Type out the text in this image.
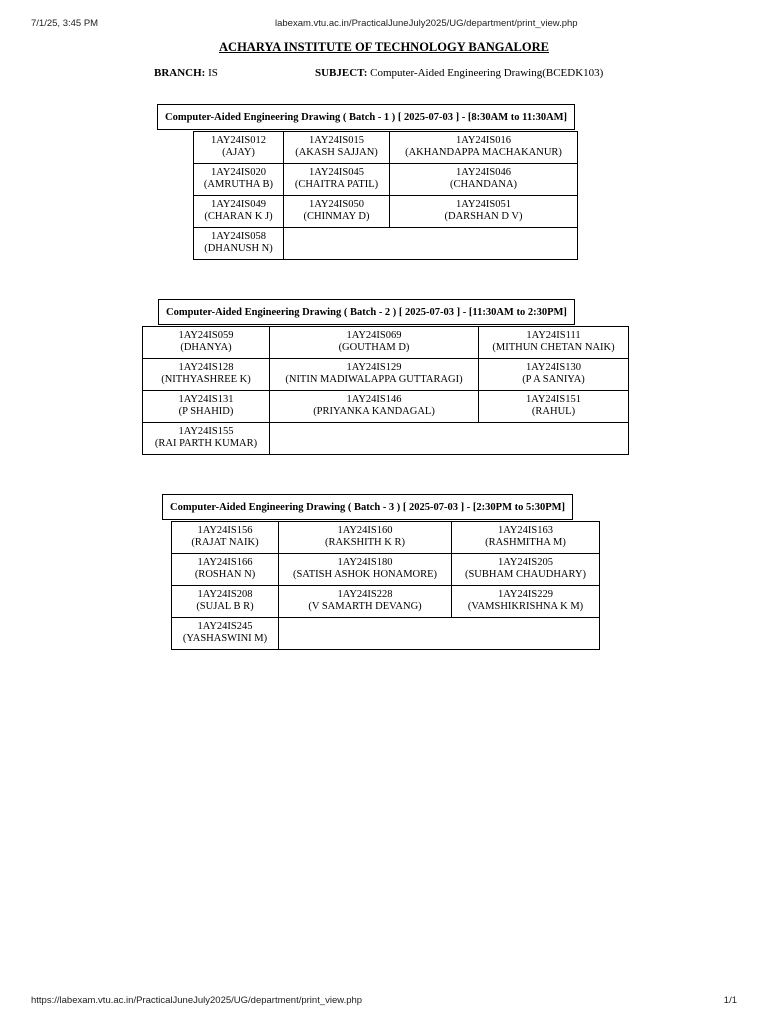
7/1/25, 3:45 PM	labexam.vtu.ac.in/PracticalJuneJuly2025/UG/department/print_view.php
ACHARYA INSTITUTE OF TECHNOLOGY BANGALORE
BRANCH: IS	SUBJECT: Computer-Aided Engineering Drawing(BCEDK103)
Computer-Aided Engineering Drawing ( Batch - 1 ) [ 2025-07-03 ] - [8:30AM to 11:30AM]
1AY24IS012
(AJAY)	1AY24IS015
(AKASH SAJJAN)	1AY24IS016
(AKHANDAPPA MACHAKANUR)

1AY24IS020
(AMRUTHA B)	1AY24IS045
(CHAITRA PATIL)	1AY24IS046
(CHANDANA)

1AY24IS049
(CHARAN K J)	1AY24IS050
(CHINMAY D)	1AY24IS051
(DARSHAN D V)

1AY24IS058
(DHANUSH N)		

Computer-Aided Engineering Drawing ( Batch - 2 ) [ 2025-07-03 ] - [11:30AM to 2:30PM]
1AY24IS059
(DHANYA)	1AY24IS069
(GOUTHAM D)	1AY24IS111
(MITHUN CHETAN NAIK)

1AY24IS128
(NITHYASHREE K)	1AY24IS129
(NITIN MADIWALAPPA GUTTARAGI)	1AY24IS130
(P A SANIYA)

1AY24IS131
(P SHAHID)	1AY24IS146
(PRIYANKA KANDAGAL)	1AY24IS151
(RAHUL)

1AY24IS155
(RAI PARTH KUMAR)		

Computer-Aided Engineering Drawing ( Batch - 3 ) [ 2025-07-03 ] - [2:30PM to 5:30PM]
1AY24IS156
(RAJAT NAIK)	1AY24IS160
(RAKSHITH K R)	1AY24IS163
(RASHMITHA M)

1AY24IS166
(ROSHAN N)	1AY24IS180
(SATISH ASHOK HONAMORE)	1AY24IS205
(SUBHAM CHAUDHARY)

1AY24IS208
(SUJAL B R)	1AY24IS228
(V SAMARTH DEVANG)	1AY24IS229
(VAMSHIKRISHNA K M)

1AY24IS245
(YASHASWINI M)		

https://labexam.vtu.ac.in/PracticalJuneJuly2025/UG/department/print_view.php	1/1
